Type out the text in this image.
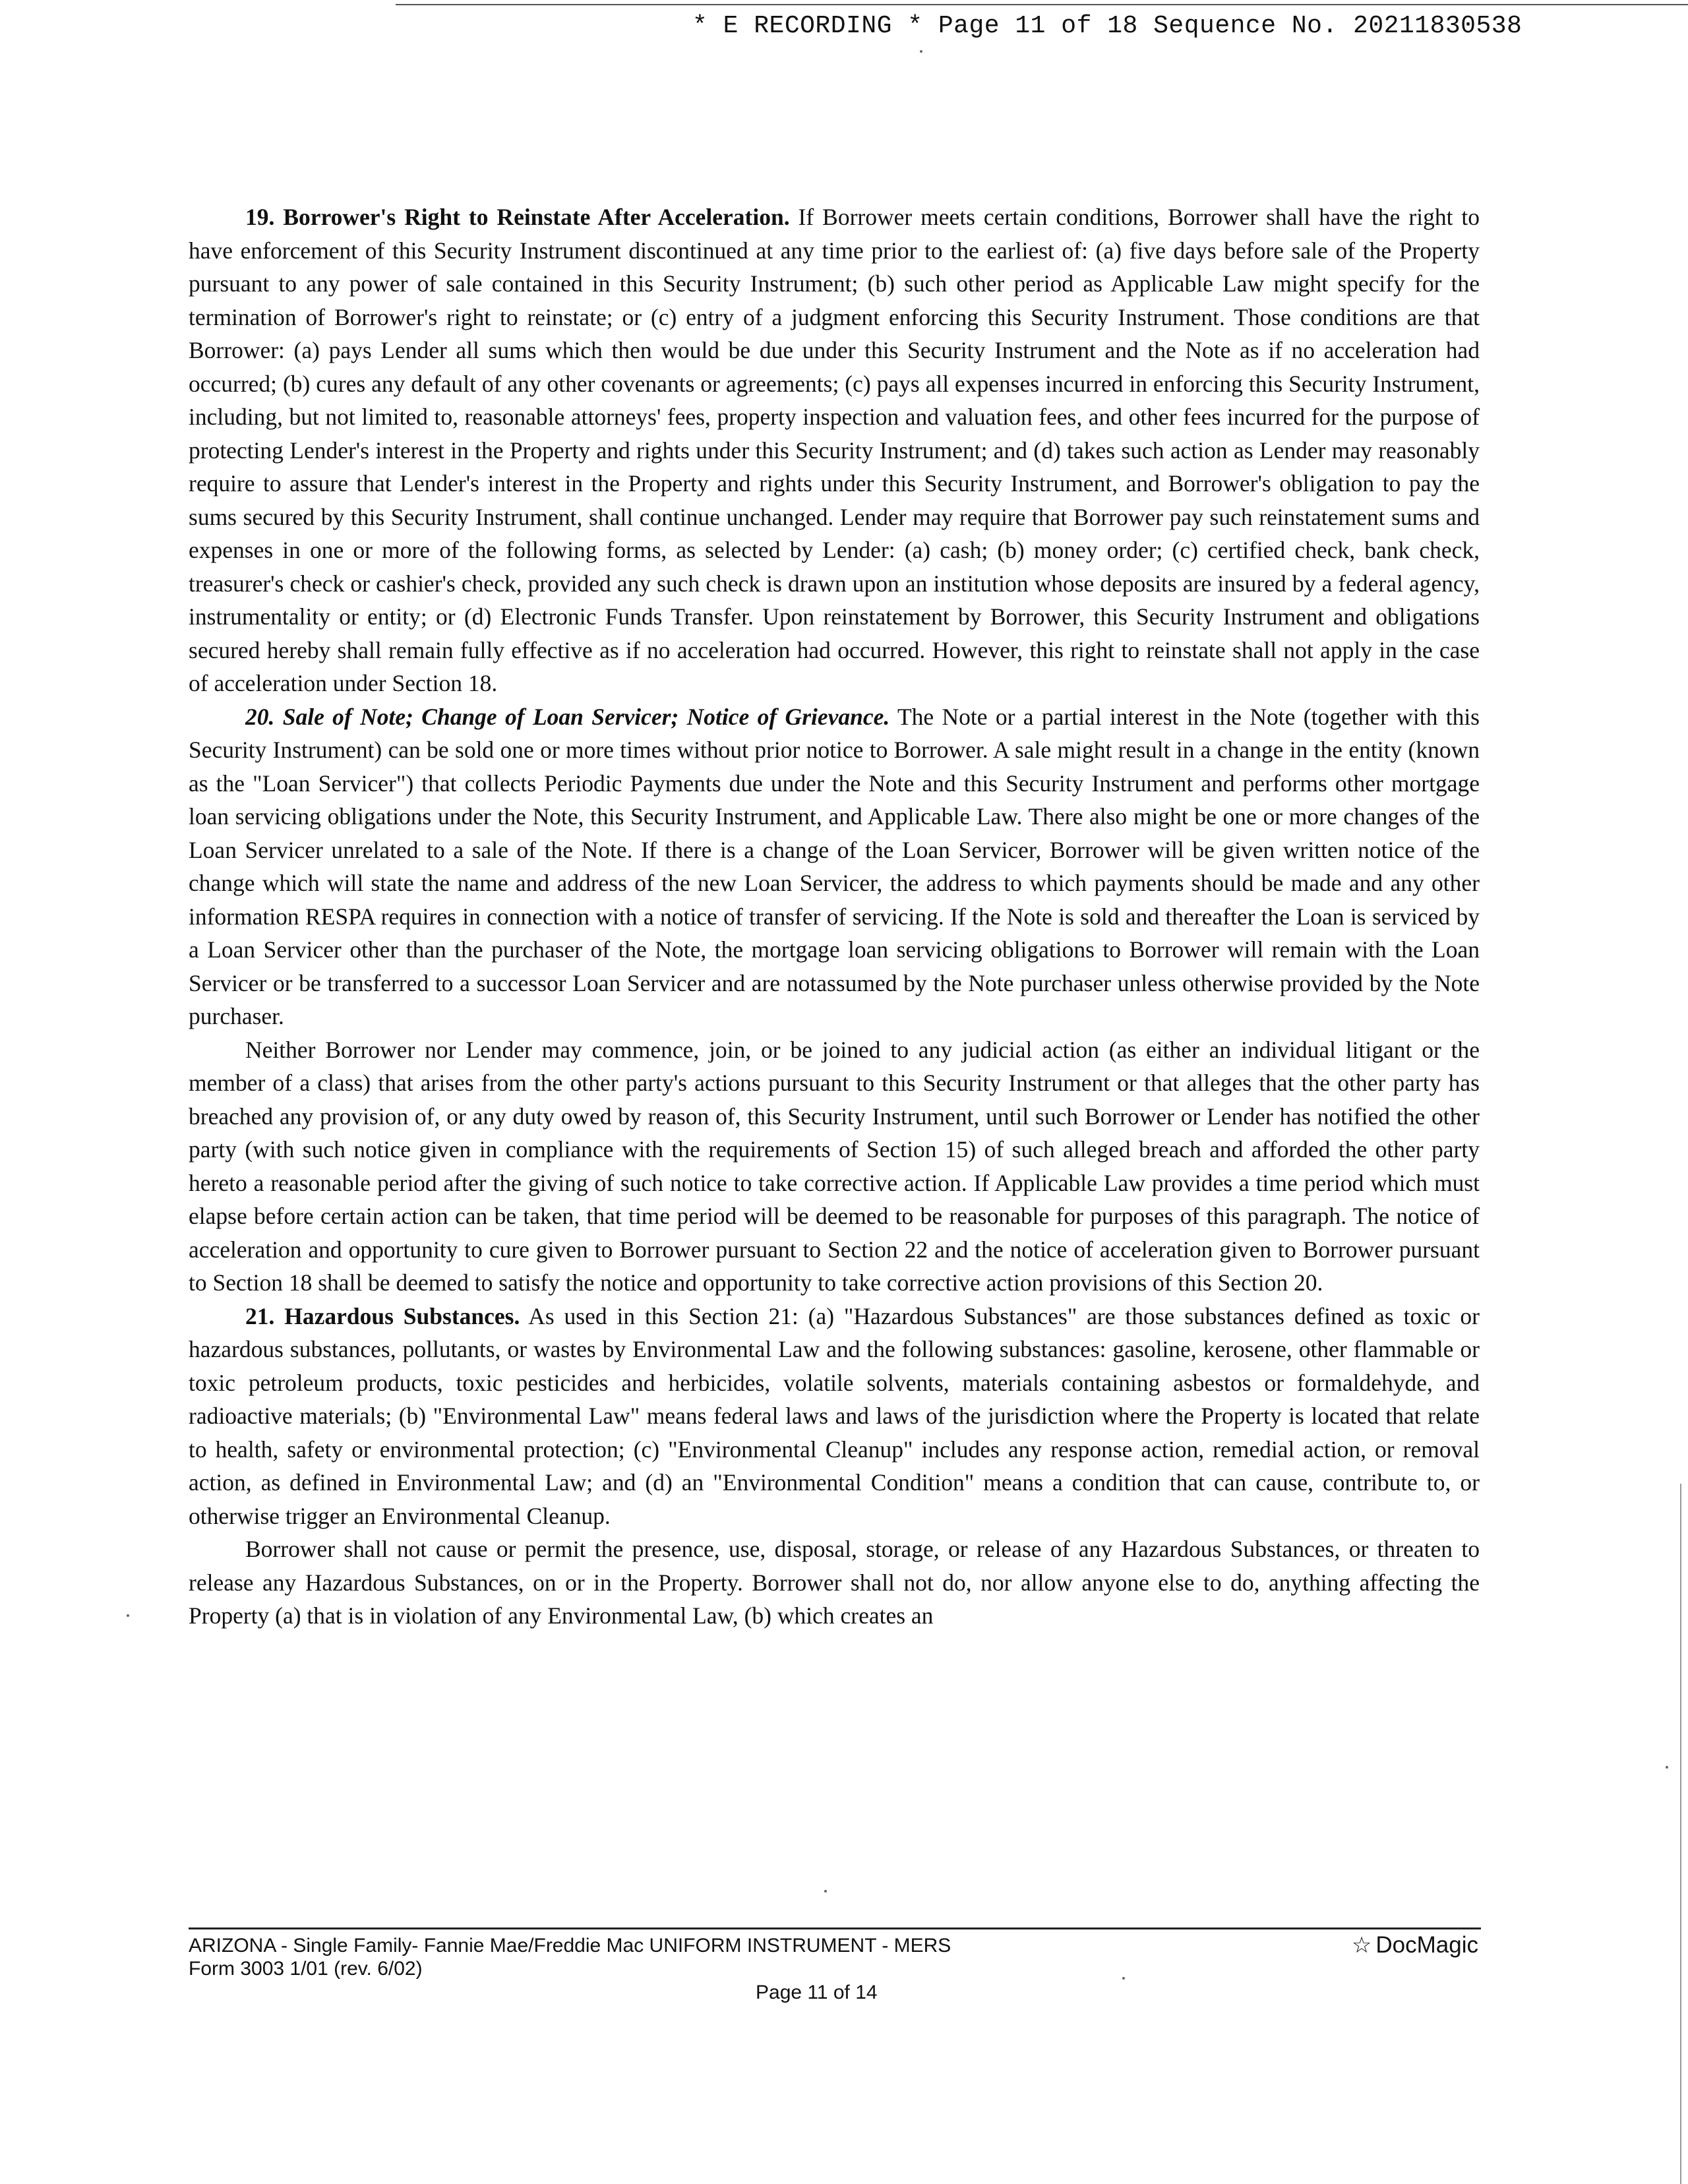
* E RECORDING * Page 11 of 18 Sequence No. 20211830538

19. Borrower's Right to Reinstate After Acceleration. If Borrower meets certain conditions, Borrower shall have the right to have enforcement of this Security Instrument discontinued at any time prior to the earliest of: (a) five days before sale of the Property pursuant to any power of sale contained in this Security Instrument; (b) such other period as Applicable Law might specify for the termination of Borrower's right to reinstate; or (c) entry of a judgment enforcing this Security Instrument. Those conditions are that Borrower: (a) pays Lender all sums which then would be due under this Security Instrument and the Note as if no acceleration had occurred; (b) cures any default of any other covenants or agreements; (c) pays all expenses incurred in enforcing this Security Instrument, including, but not limited to, reasonable attorneys' fees, property inspection and valuation fees, and other fees incurred for the purpose of protecting Lender's interest in the Property and rights under this Security Instrument; and (d) takes such action as Lender may reasonably require to assure that Lender's interest in the Property and rights under this Security Instrument, and Borrower's obligation to pay the sums secured by this Security Instrument, shall continue unchanged. Lender may require that Borrower pay such reinstatement sums and expenses in one or more of the following forms, as selected by Lender: (a) cash; (b) money order; (c) certified check, bank check, treasurer's check or cashier's check, provided any such check is drawn upon an institution whose deposits are insured by a federal agency, instrumentality or entity; or (d) Electronic Funds Transfer. Upon reinstatement by Borrower, this Security Instrument and obligations secured hereby shall remain fully effective as if no acceleration had occurred. However, this right to reinstate shall not apply in the case of acceleration under Section 18.

20. Sale of Note; Change of Loan Servicer; Notice of Grievance. The Note or a partial interest in the Note (together with this Security Instrument) can be sold one or more times without prior notice to Borrower. A sale might result in a change in the entity (known as the "Loan Servicer") that collects Periodic Payments due under the Note and this Security Instrument and performs other mortgage loan servicing obligations under the Note, this Security Instrument, and Applicable Law. There also might be one or more changes of the Loan Servicer unrelated to a sale of the Note. If there is a change of the Loan Servicer, Borrower will be given written notice of the change which will state the name and address of the new Loan Servicer, the address to which payments should be made and any other information RESPA requires in connection with a notice of transfer of servicing. If the Note is sold and thereafter the Loan is serviced by a Loan Servicer other than the purchaser of the Note, the mortgage loan servicing obligations to Borrower will remain with the Loan Servicer or be transferred to a successor Loan Servicer and are notassumed by the Note purchaser unless otherwise provided by the Note purchaser.

Neither Borrower nor Lender may commence, join, or be joined to any judicial action (as either an individual litigant or the member of a class) that arises from the other party's actions pursuant to this Security Instrument or that alleges that the other party has breached any provision of, or any duty owed by reason of, this Security Instrument, until such Borrower or Lender has notified the other party (with such notice given in compliance with the requirements of Section 15) of such alleged breach and afforded the other party hereto a reasonable period after the giving of such notice to take corrective action. If Applicable Law provides a time period which must elapse before certain action can be taken, that time period will be deemed to be reasonable for purposes of this paragraph. The notice of acceleration and opportunity to cure given to Borrower pursuant to Section 22 and the notice of acceleration given to Borrower pursuant to Section 18 shall be deemed to satisfy the notice and opportunity to take corrective action provisions of this Section 20.

21. Hazardous Substances. As used in this Section 21: (a) "Hazardous Substances" are those substances defined as toxic or hazardous substances, pollutants, or wastes by Environmental Law and the following substances: gasoline, kerosene, other flammable or toxic petroleum products, toxic pesticides and herbicides, volatile solvents, materials containing asbestos or formaldehyde, and radioactive materials; (b) "Environmental Law" means federal laws and laws of the jurisdiction where the Property is located that relate to health, safety or environmental protection; (c) "Environmental Cleanup" includes any response action, remedial action, or removal action, as defined in Environmental Law; and (d) an "Environmental Condition" means a condition that can cause, contribute to, or otherwise trigger an Environmental Cleanup.

Borrower shall not cause or permit the presence, use, disposal, storage, or release of any Hazardous Substances, or threaten to release any Hazardous Substances, on or in the Property. Borrower shall not do, nor allow anyone else to do, anything affecting the Property (a) that is in violation of any Environmental Law, (b) which creates an

ARIZONA - Single Family- Fannie Mae/Freddie Mac UNIFORM INSTRUMENT - MERS
Form 3003 1/01 (rev. 6/02)
Page 11 of 14
☆ DocMagic
